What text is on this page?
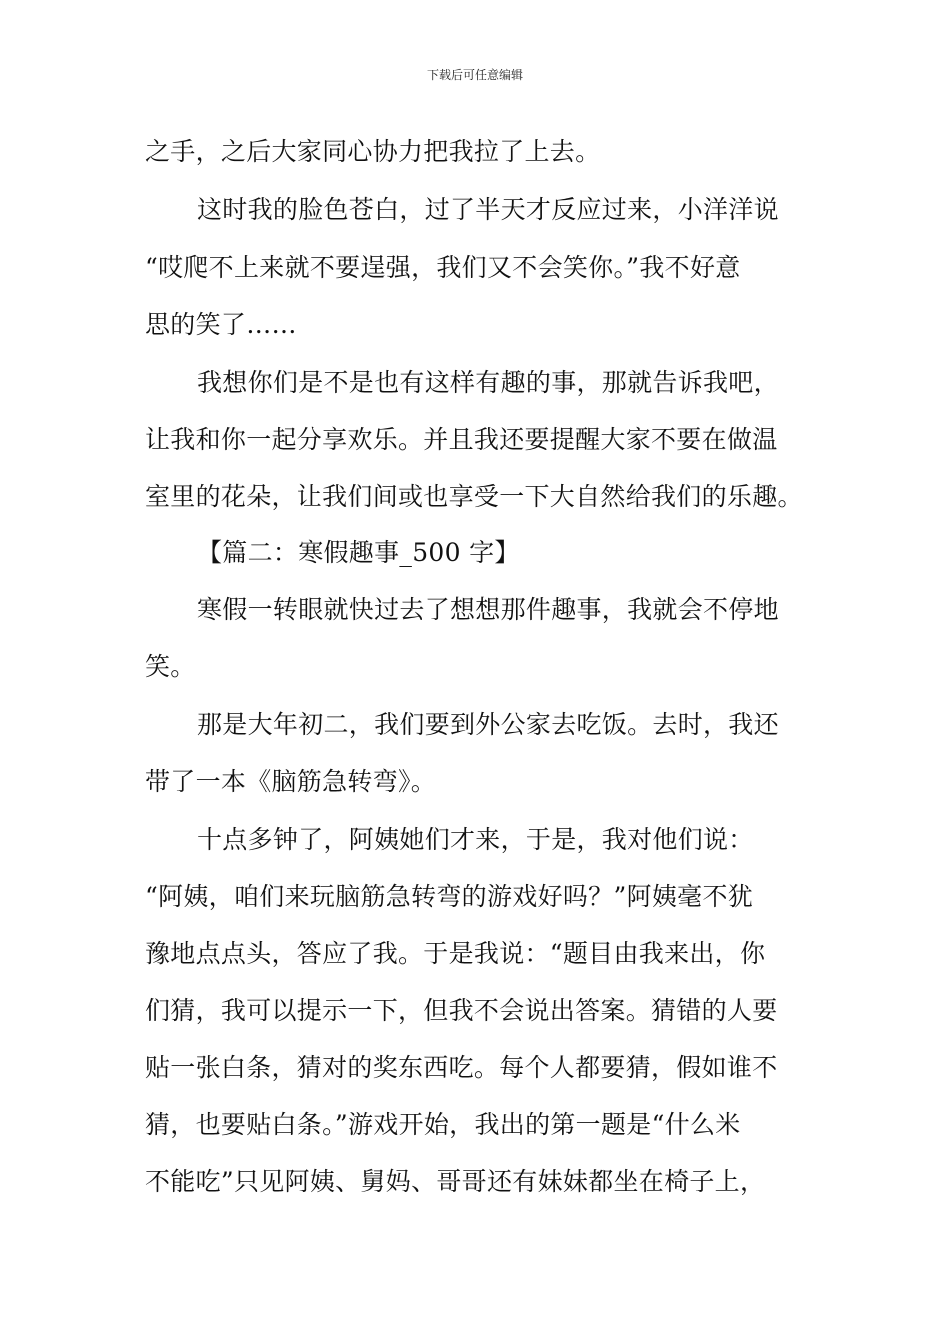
下载后可任意编辑
之手，之后大家同心协力把我拉了上去。
这时我的脸色苍白，过了半天才反应过来，小洋洋说
“哎爬不上来就不要逞强，我们又不会笑你。”我不好意
思的笑了……
我想你们是不是也有这样有趣的事，那就告诉我吧，
让我和你一起分享欢乐。并且我还要提醒大家不要在做温
室里的花朵，让我们间或也享受一下大自然给我们的乐趣。
【篇二：寒假趣事_500 字】
寒假一转眼就快过去了想想那件趣事，我就会不停地
笑。
那是大年初二，我们要到外公家去吃饭。去时，我还
带了一本《脑筋急转弯》。
十点多钟了，阿姨她们才来，于是，我对他们说：
“阿姨，咱们来玩脑筋急转弯的游戏好吗？”阿姨毫不犹
豫地点点头，答应了我。于是我说：“题目由我来出，你
们猜，我可以提示一下，但我不会说出答案。猜错的人要
贴一张白条，猜对的奖东西吃。每个人都要猜，假如谁不
猜，也要贴白条。”游戏开始，我出的第一题是“什么米
不能吃”只见阿姨、舅妈、哥哥还有妹妹都坐在椅子上，
